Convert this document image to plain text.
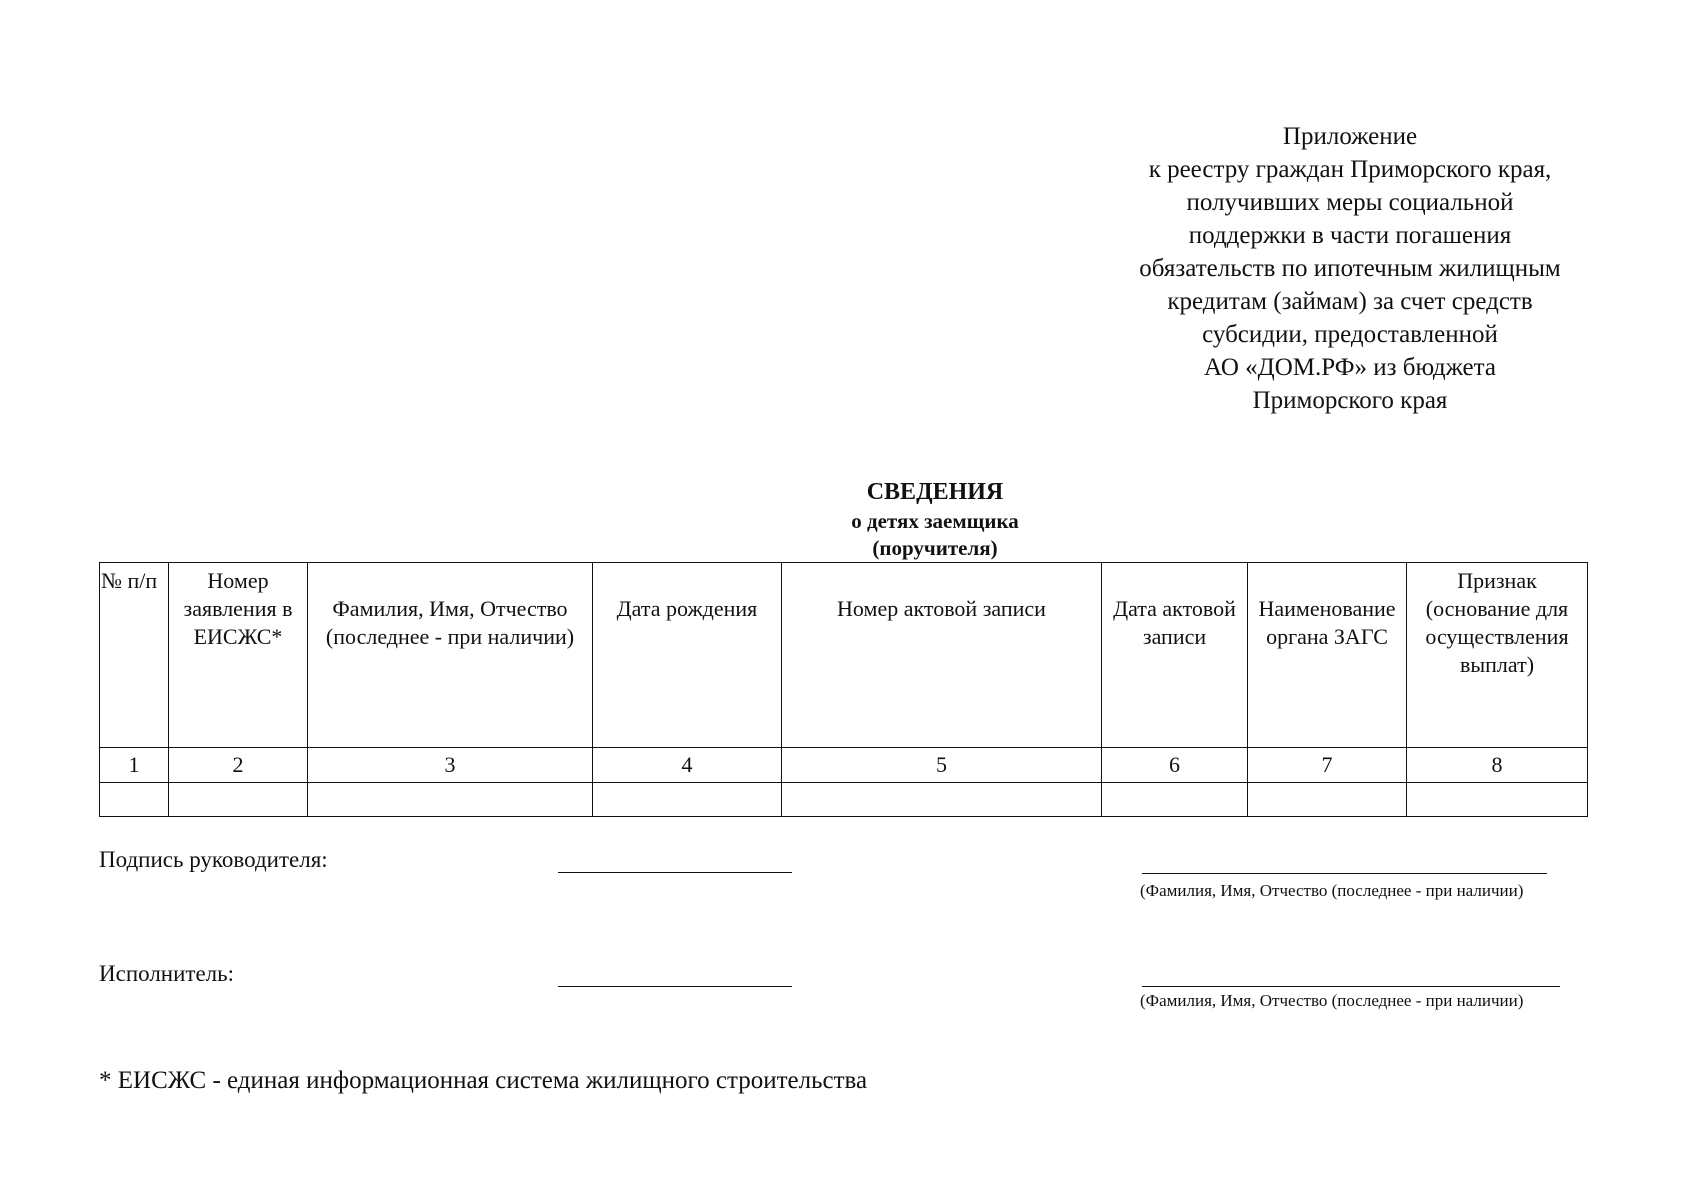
Приложение
к реестру граждан Приморского края,
получивших меры социальной
поддержки в части погашения
обязательств по ипотечным жилищным
кредитам (займам) за счет средств
субсидии, предоставленной
АО «ДОМ.РФ» из бюджета
Приморского края
СВЕДЕНИЯ
о детях заемщика
(поручителя)
№ п/п	Номер заявления в ЕИСЖС*	Фамилия, Имя, Отчество (последнее - при наличии)	Дата рождения	Номер актовой записи	Дата актовой записи	Наименование органа ЗАГС	Признак (основание для осуществления выплат)
1	2	3	4	5	6	7	8

Подпись руководителя:
(Фамилия, Имя, Отчество (последнее - при наличии)
Исполнитель:
(Фамилия, Имя, Отчество (последнее - при наличии)
* ЕИСЖС - единая информационная система жилищного строительства
